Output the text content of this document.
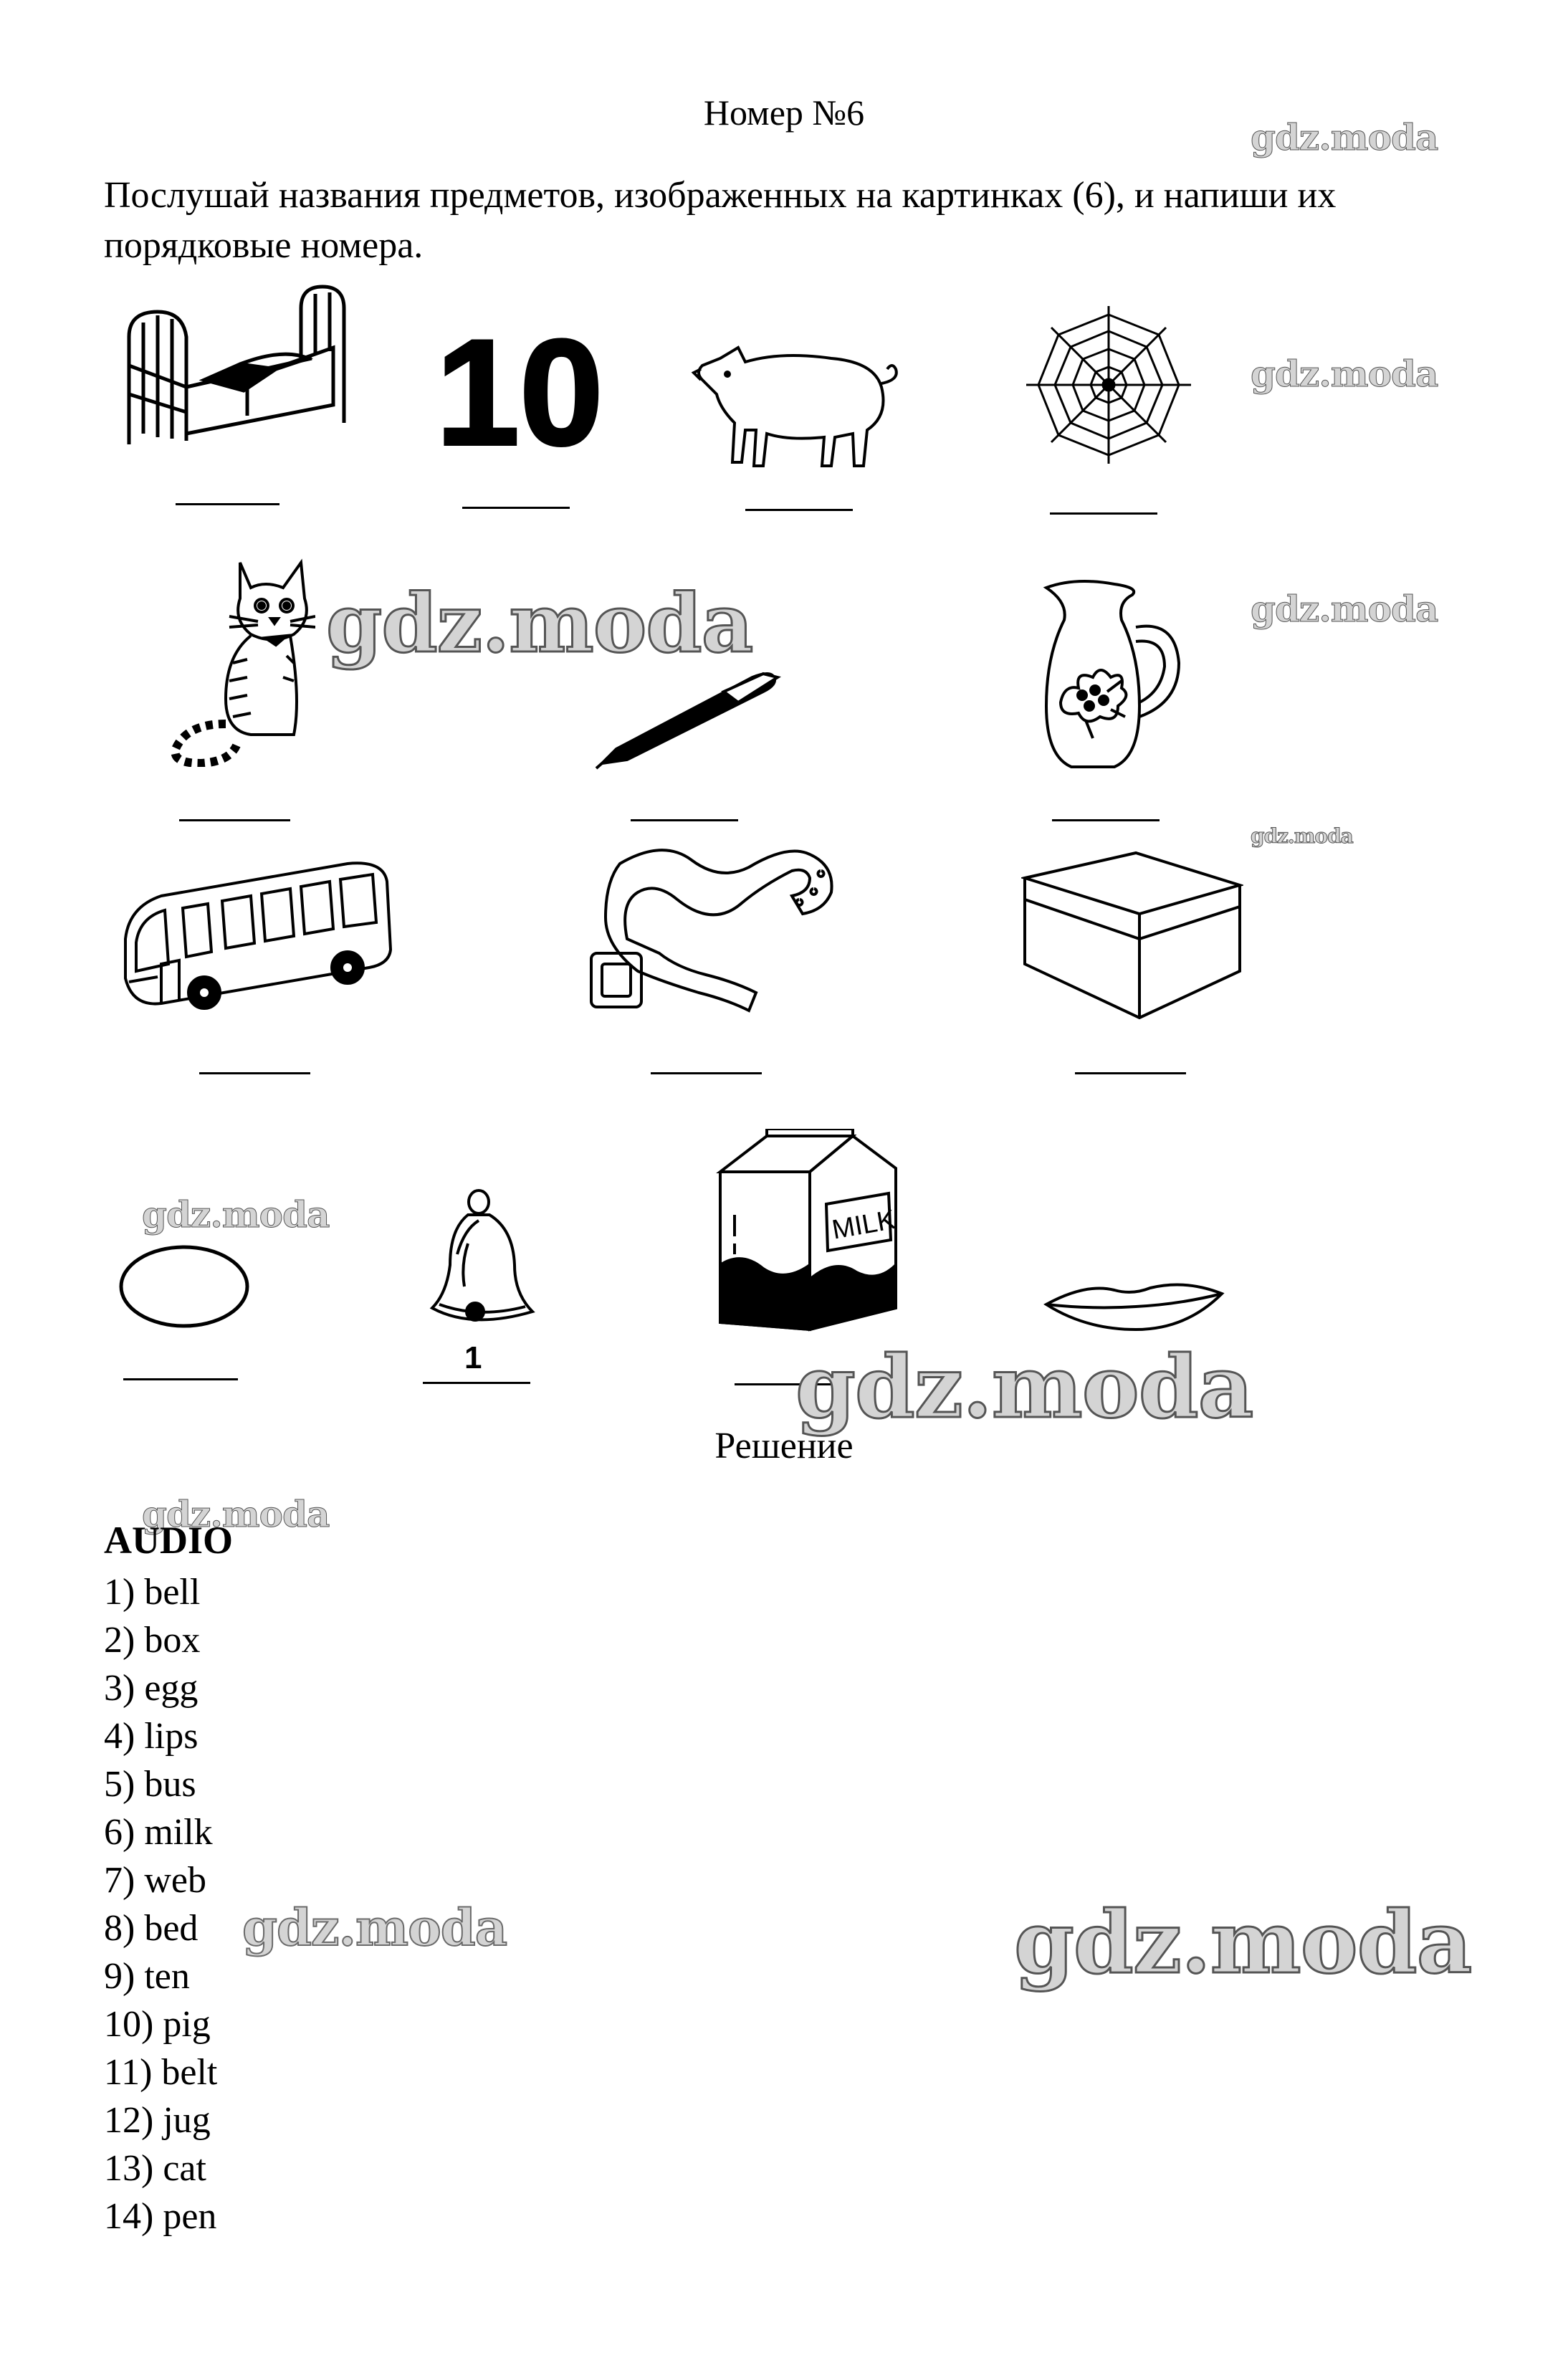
Номер №6
Послушай названия предметов, изображенных на картинках (6), и напиши их порядковые номера.
10
MILK
1
gdz.moda
gdz.moda
gdz.moda	gdz.moda
gdz.moda
gdz.moda
gdz.moda
Решение
gdz.moda
AUDIO
1) bell
2) box
3) egg
4) lips
5) bus
6) milk
7) web
8) bed
9) ten
10) pig
11) belt
12) jug
13) cat
14) pen
gdz.moda	gdz.moda
